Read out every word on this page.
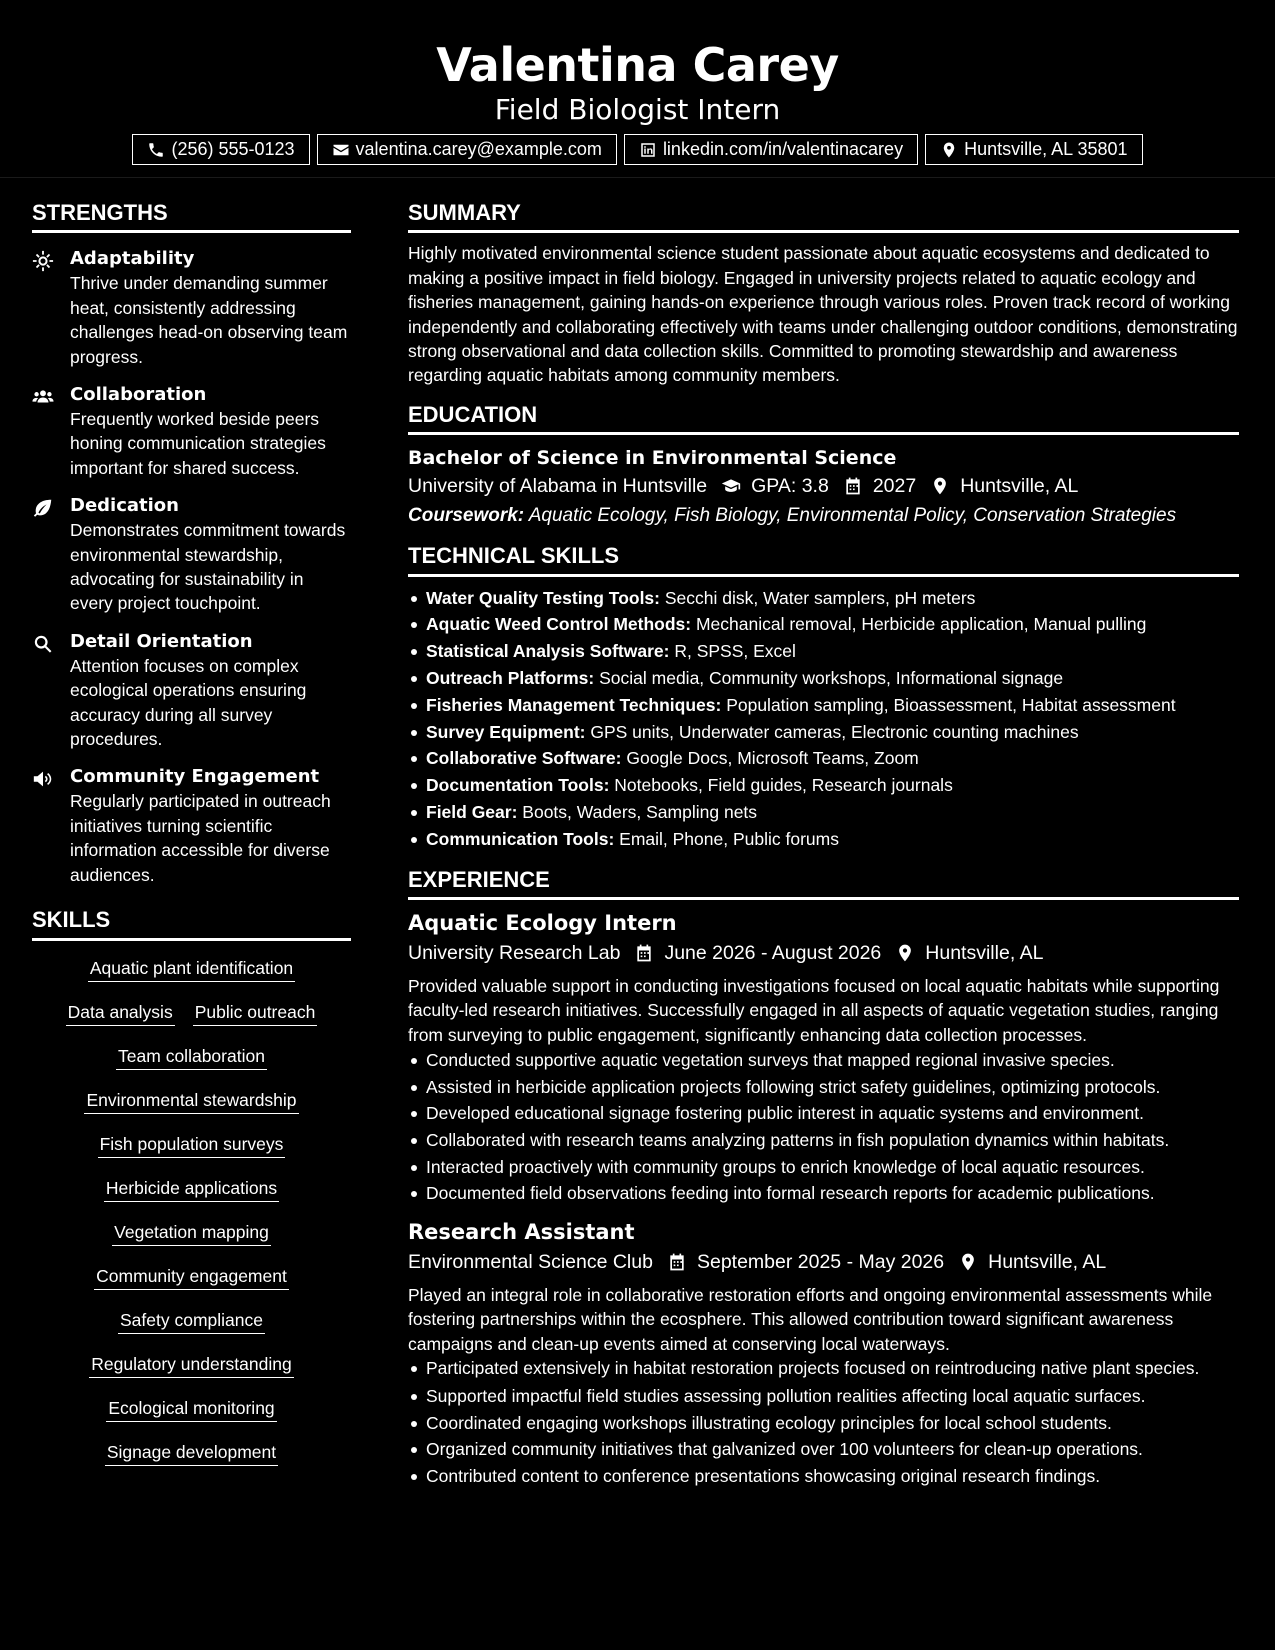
Valentina Carey
Field Biologist Intern
(256) 555-0123	valentina.carey@example.com	linkedin.com/in/valentinacarey	Huntsville, AL 35801
STRENGTHS
Adaptability
Thrive under demanding summer heat, consistently addressing challenges head-on observing team progress.
Collaboration
Frequently worked beside peers honing communication strategies important for shared success.
Dedication
Demonstrates commitment towards environmental stewardship, advocating for sustainability in every project touchpoint.
Detail Orientation
Attention focuses on complex ecological operations ensuring accuracy during all survey procedures.
Community Engagement
Regularly participated in outreach initiatives turning scientific information accessible for diverse audiences.
SKILLS
Aquatic plant identification
Data analysis Public outreach
Team collaboration
Environmental stewardship
Fish population surveys
Herbicide applications
Vegetation mapping
Community engagement
Safety compliance
Regulatory understanding
Ecological monitoring
Signage development
SUMMARY
Highly motivated environmental science student passionate about aquatic ecosystems and dedicated to making a positive impact in field biology. Engaged in university projects related to aquatic ecology and fisheries management, gaining hands-on experience through various roles. Proven track record of working independently and collaborating effectively with teams under challenging outdoor conditions, demonstrating strong observational and data collection skills. Committed to promoting stewardship and awareness regarding aquatic habitats among community members.
EDUCATION
Bachelor of Science in Environmental Science
University of Alabama in Huntsville GPA: 3.8 2027 Huntsville, AL
Coursework: Aquatic Ecology, Fish Biology, Environmental Policy, Conservation Strategies
TECHNICAL SKILLS
Water Quality Testing Tools: Secchi disk, Water samplers, pH meters
Aquatic Weed Control Methods: Mechanical removal, Herbicide application, Manual pulling
Statistical Analysis Software: R, SPSS, Excel
Outreach Platforms: Social media, Community workshops, Informational signage
Fisheries Management Techniques: Population sampling, Bioassessment, Habitat assessment
Survey Equipment: GPS units, Underwater cameras, Electronic counting machines
Collaborative Software: Google Docs, Microsoft Teams, Zoom
Documentation Tools: Notebooks, Field guides, Research journals
Field Gear: Boots, Waders, Sampling nets
Communication Tools: Email, Phone, Public forums
EXPERIENCE
Aquatic Ecology Intern
University Research Lab June 2026 - August 2026 Huntsville, AL
Provided valuable support in conducting investigations focused on local aquatic habitats while supporting faculty-led research initiatives. Successfully engaged in all aspects of aquatic vegetation studies, ranging from surveying to public engagement, significantly enhancing data collection processes.
Conducted supportive aquatic vegetation surveys that mapped regional invasive species.
Assisted in herbicide application projects following strict safety guidelines, optimizing protocols.
Developed educational signage fostering public interest in aquatic systems and environment.
Collaborated with research teams analyzing patterns in fish population dynamics within habitats.
Interacted proactively with community groups to enrich knowledge of local aquatic resources.
Documented field observations feeding into formal research reports for academic publications.
Research Assistant
Environmental Science Club September 2025 - May 2026 Huntsville, AL
Played an integral role in collaborative restoration efforts and ongoing environmental assessments while fostering partnerships within the ecosphere. This allowed contribution toward significant awareness campaigns and clean-up events aimed at conserving local waterways.
Participated extensively in habitat restoration projects focused on reintroducing native plant species.
Supported impactful field studies assessing pollution realities affecting local aquatic surfaces.
Coordinated engaging workshops illustrating ecology principles for local school students.
Organized community initiatives that galvanized over 100 volunteers for clean-up operations.
Contributed content to conference presentations showcasing original research findings.
